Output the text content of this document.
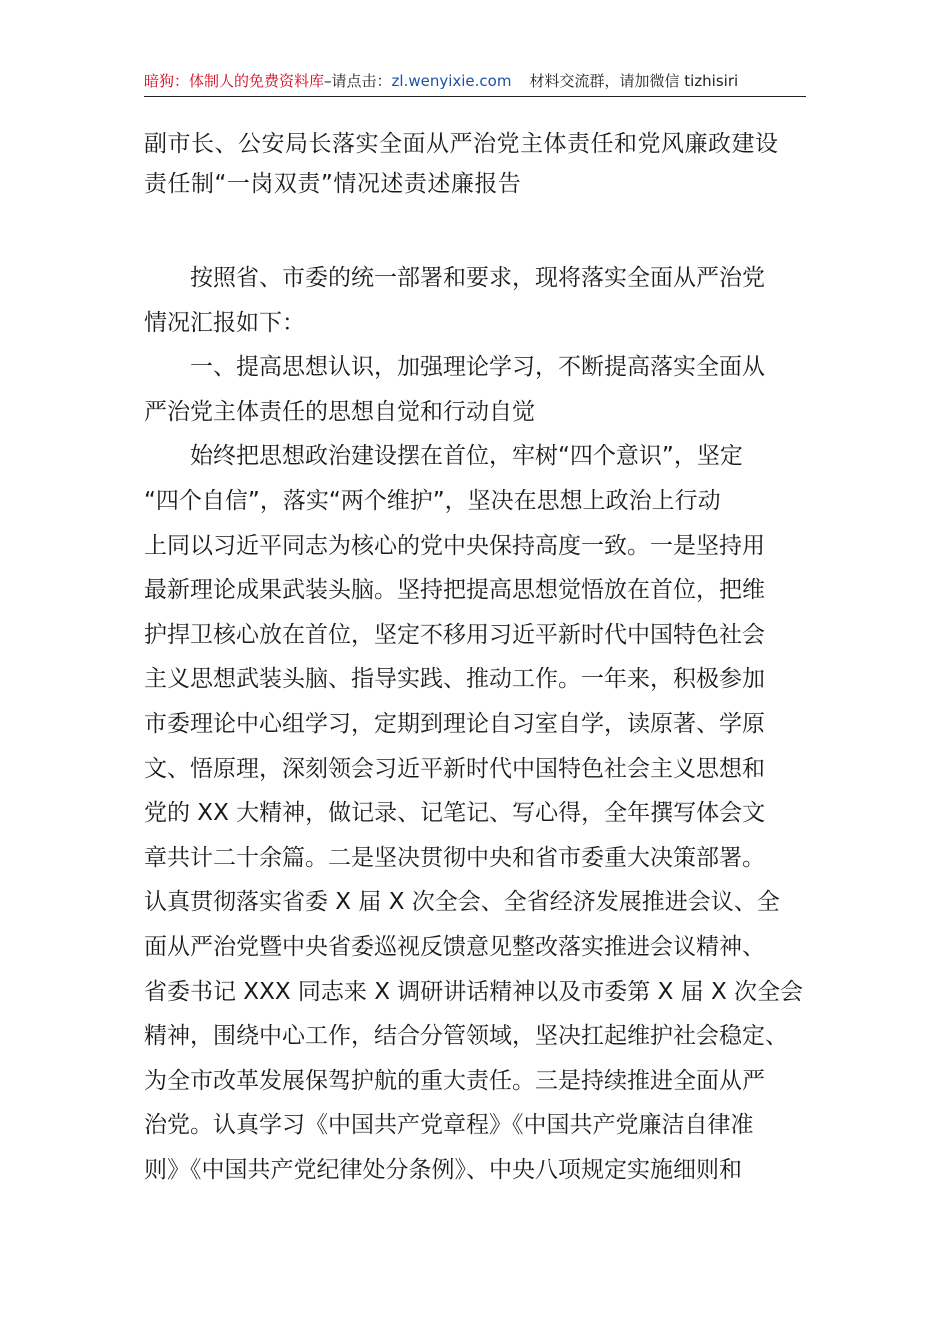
暗狗：体制人的免费资料库–请点击：zl.wenyixie.com 材料交流群，请加微信 tizhisiri
副市长、公安局长落实全面从严治党主体责任和党风廉政建设
责任制“一岗双责”情况述责述廉报告
按照省、市委的统一部署和要求，现将落实全面从严治党
情况汇报如下：
一、提高思想认识，加强理论学习，不断提高落实全面从
严治党主体责任的思想自觉和行动自觉
始终把思想政治建设摆在首位，牢树“四个意识”，坚定
“四个自信”，落实“两个维护”，坚决在思想上政治上行动
上同以习近平同志为核心的党中央保持高度一致。一是坚持用
最新理论成果武装头脑。坚持把提高思想觉悟放在首位，把维
护捍卫核心放在首位，坚定不移用习近平新时代中国特色社会
主义思想武装头脑、指导实践、推动工作。一年来，积极参加
市委理论中心组学习，定期到理论自习室自学，读原著、学原
文、悟原理，深刻领会习近平新时代中国特色社会主义思想和
党的 XX 大精神，做记录、记笔记、写心得，全年撰写体会文
章共计二十余篇。二是坚决贯彻中央和省市委重大决策部署。
认真贯彻落实省委 X 届 X 次全会、全省经济发展推进会议、全
面从严治党暨中央省委巡视反馈意见整改落实推进会议精神、
省委书记 XXX 同志来 X 调研讲话精神以及市委第 X 届 X 次全会
精神，围绕中心工作，结合分管领域，坚决扛起维护社会稳定、
为全市改革发展保驾护航的重大责任。三是持续推进全面从严
治党。认真学习《中国共产党章程》《中国共产党廉洁自律准
则》《中国共产党纪律处分条例》、中央八项规定实施细则和
